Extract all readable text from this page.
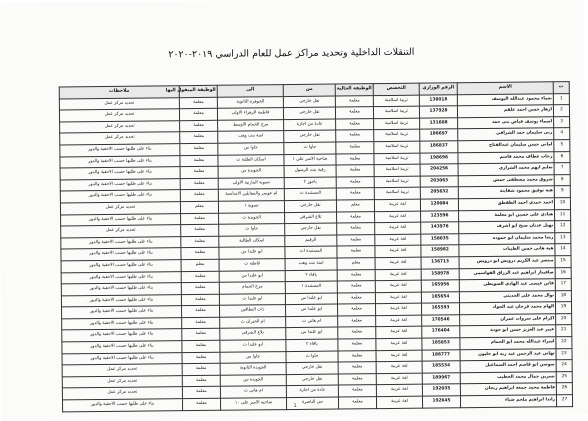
التنقلات الداخلية وتحديد مراكز عمل للعام الدراسي ٢٠١٩-٢٠٢٠
ت	الاسم	الرقم الوزاري	التخصص	الوظيفة الحالية	من	الى	الوظيفة المنقول اليها	ملاحظات
1	نعماء محمود عبدالله اليوسف	138018	تربية اسلامية	معلمة	نقل خارجي	الجوهرة الثانوية	معلمة	تحديد مركز عمل
2	ازهار حسن احمد علقم	137928	تربية اسلامية	معلمة	نقل خارجي	فاطمة الزهراء الاولى	معلمة	تحديد مركز عمل
3	اسماء يوسف فياض بني حمد	131608	تربية اسلامية	معلمة	عادة من اجازة	مرج الحمام الاوسط	معلمة	تحديد مركز عمل
4	ربى سليمان حمد الشراقي	186697	تربية اسلامية	معلمة	نقل خارجي	امنة بنت وهب	معلمة	تحديد مركز عمل
5	اماني حسن سليمان عبدالفتاح	186837	تربية اسلامية	معلمة	جاوا ث	جاوا س	معلمة	بناء على طلبها حسب الاحقية والدور
6	رحاب عطاف محمد قاسم	198696	تربية اسلامية	معلمة	ضاحية الامير علي ١	اسكان الطلبة ث	معلمة	بناء على طلبها حسب الاحقية والدور
7	نعايم ايهم محمد الشراري	204256	تربية اسلامية	معلمة	رقية بنت الرسول	الجويدة س	معلمة	بناء على طلبها حسب الاحقية والدور
8	شروق محمد مصطفى حمش	203063	تربية اسلامية	معلمة	ياجوز ٢	تسوية المازنية الاولى	معلمة	بناء على طلبها حسب الاحقية والدور
9	هبة توفيق محمود شفاينة	205632	تربية اسلامية	معلمة	المستندة ث	ام عويمر والمقابلين الاساسية	معلمة	بناء على طلبها حسب الاحقية والدور
10	احمد حمدي احمد الطقطق	120084	لغة عربية	معلم	نقل خارجي	تسوية ١	معلم	تحديد مركز عمل
11	هنادي علي حسين ابو معلمة	123596	لغة عربية	معلمة	تلاع الشرقي	الجويدة ث	معلمة	بناء على طلبها حسب الاحقية والدور
12	نهيل عدنان صبح ابو اشرف	143976	لغة عربية	معلمة	نقل خارجي	جاوا ث	معلمة	تحديد مركز عمل
13	رشا محمد سليمان ابو حموده	158035	لغة عربية	معلمة	الرقيم	اسكان الطالبة	معلمة	بناء على طلبها حسب الاحقية والدور
14	هبة هاني حسن الطيبات	158982	لغة عربية	معلمة	المستندة اث	ابو علندا س	معلمة	بناء على طلبها حسب الاحقية والدور
15	منتصر عبد الكريم درويش ابو درويش	136713	لغة عربية	معلم	امنة بنت وهب	قاطنة ث	معلم	بناء على طلبها حسب الاحقية والدور
16	صافيناز ابراهيم عبد الرزاق القواسمي	158978	لغة عربية	معلمة	ياقاء ٢	ابو علندا س	معلمة	بناء على طلبها حسب الاحقية والدور
17	فاتن عيسى عبد الهادي السويطي	165956	لغة عربية	معلمة	المستندة ١	مرج الحمام	معلمة	بناء على طلبها حسب الاحقية والدور
18	نوال محمد علي الحديثي	165654	لغة عربية	معلمة	ابو علندا س	ابو علندا ث	معلمة	بناء على طلبها حسب الاحقية والدور
19	الهام محمد فرحان عبد الجواد	165593	لغة عربية	معلمة	ابو علندا س	ذات النطاقين	معلمة	بناء على طلبها حسب الاحقية والدور
20	اكرام علي سروات عمران	170546	لغة عربية	معلمة	ام هاني ث	ام الحيران ث	معلمة	بناء على طلبها حسب الاحقية والدور
21	عبير عبد العزيز حسن ابو جودة	176404	لغة عربية	معلمة	ابو علندا س	تلاع الشرقي	معلمة	بناء على طلبها حسب الاحقية والدور
22	اسراء عبدالله محمد ابو الحمام	185853	لغة عربية	معلمة	ياقاء ٢	ابو علندا ث	معلمة	بناء على طلبها حسب الاحقية والدور
23	تهاني عبد الرحمن عبد ربه ابو خليون	186777	لغة عربية	معلمة	جاوا ث	جاوا س	معلمة	بناء على طلبها حسب الاحقية والدور
24	سوسن ابو قاسم احمد السماعيل	185534	لغة عربية	معلمة	نقل خارجي	الجويدة الثانوية	معلمة	تحديد مركز عمل
25	نسرين جمال محمد الخطيب	189967	لغة عربية	معلمة	نقل خارجي	الجويدة س	معلمة	تحديد مركز عمل
26	فاطمة محمد جمعة ابراهيم ريحان	192035	لغة عربية	معلمة	عادة من اجازة	ام هاني ث	معلمة	تحديد مركز عمل
27	راندا ابراهيم ملحم ضياء	192645	لغة عربية	معلمة	حي الناصرة	ضاحية الامير علي ١٠	معلمة	بناء على طلبها حسب الاحقية والدور	1
